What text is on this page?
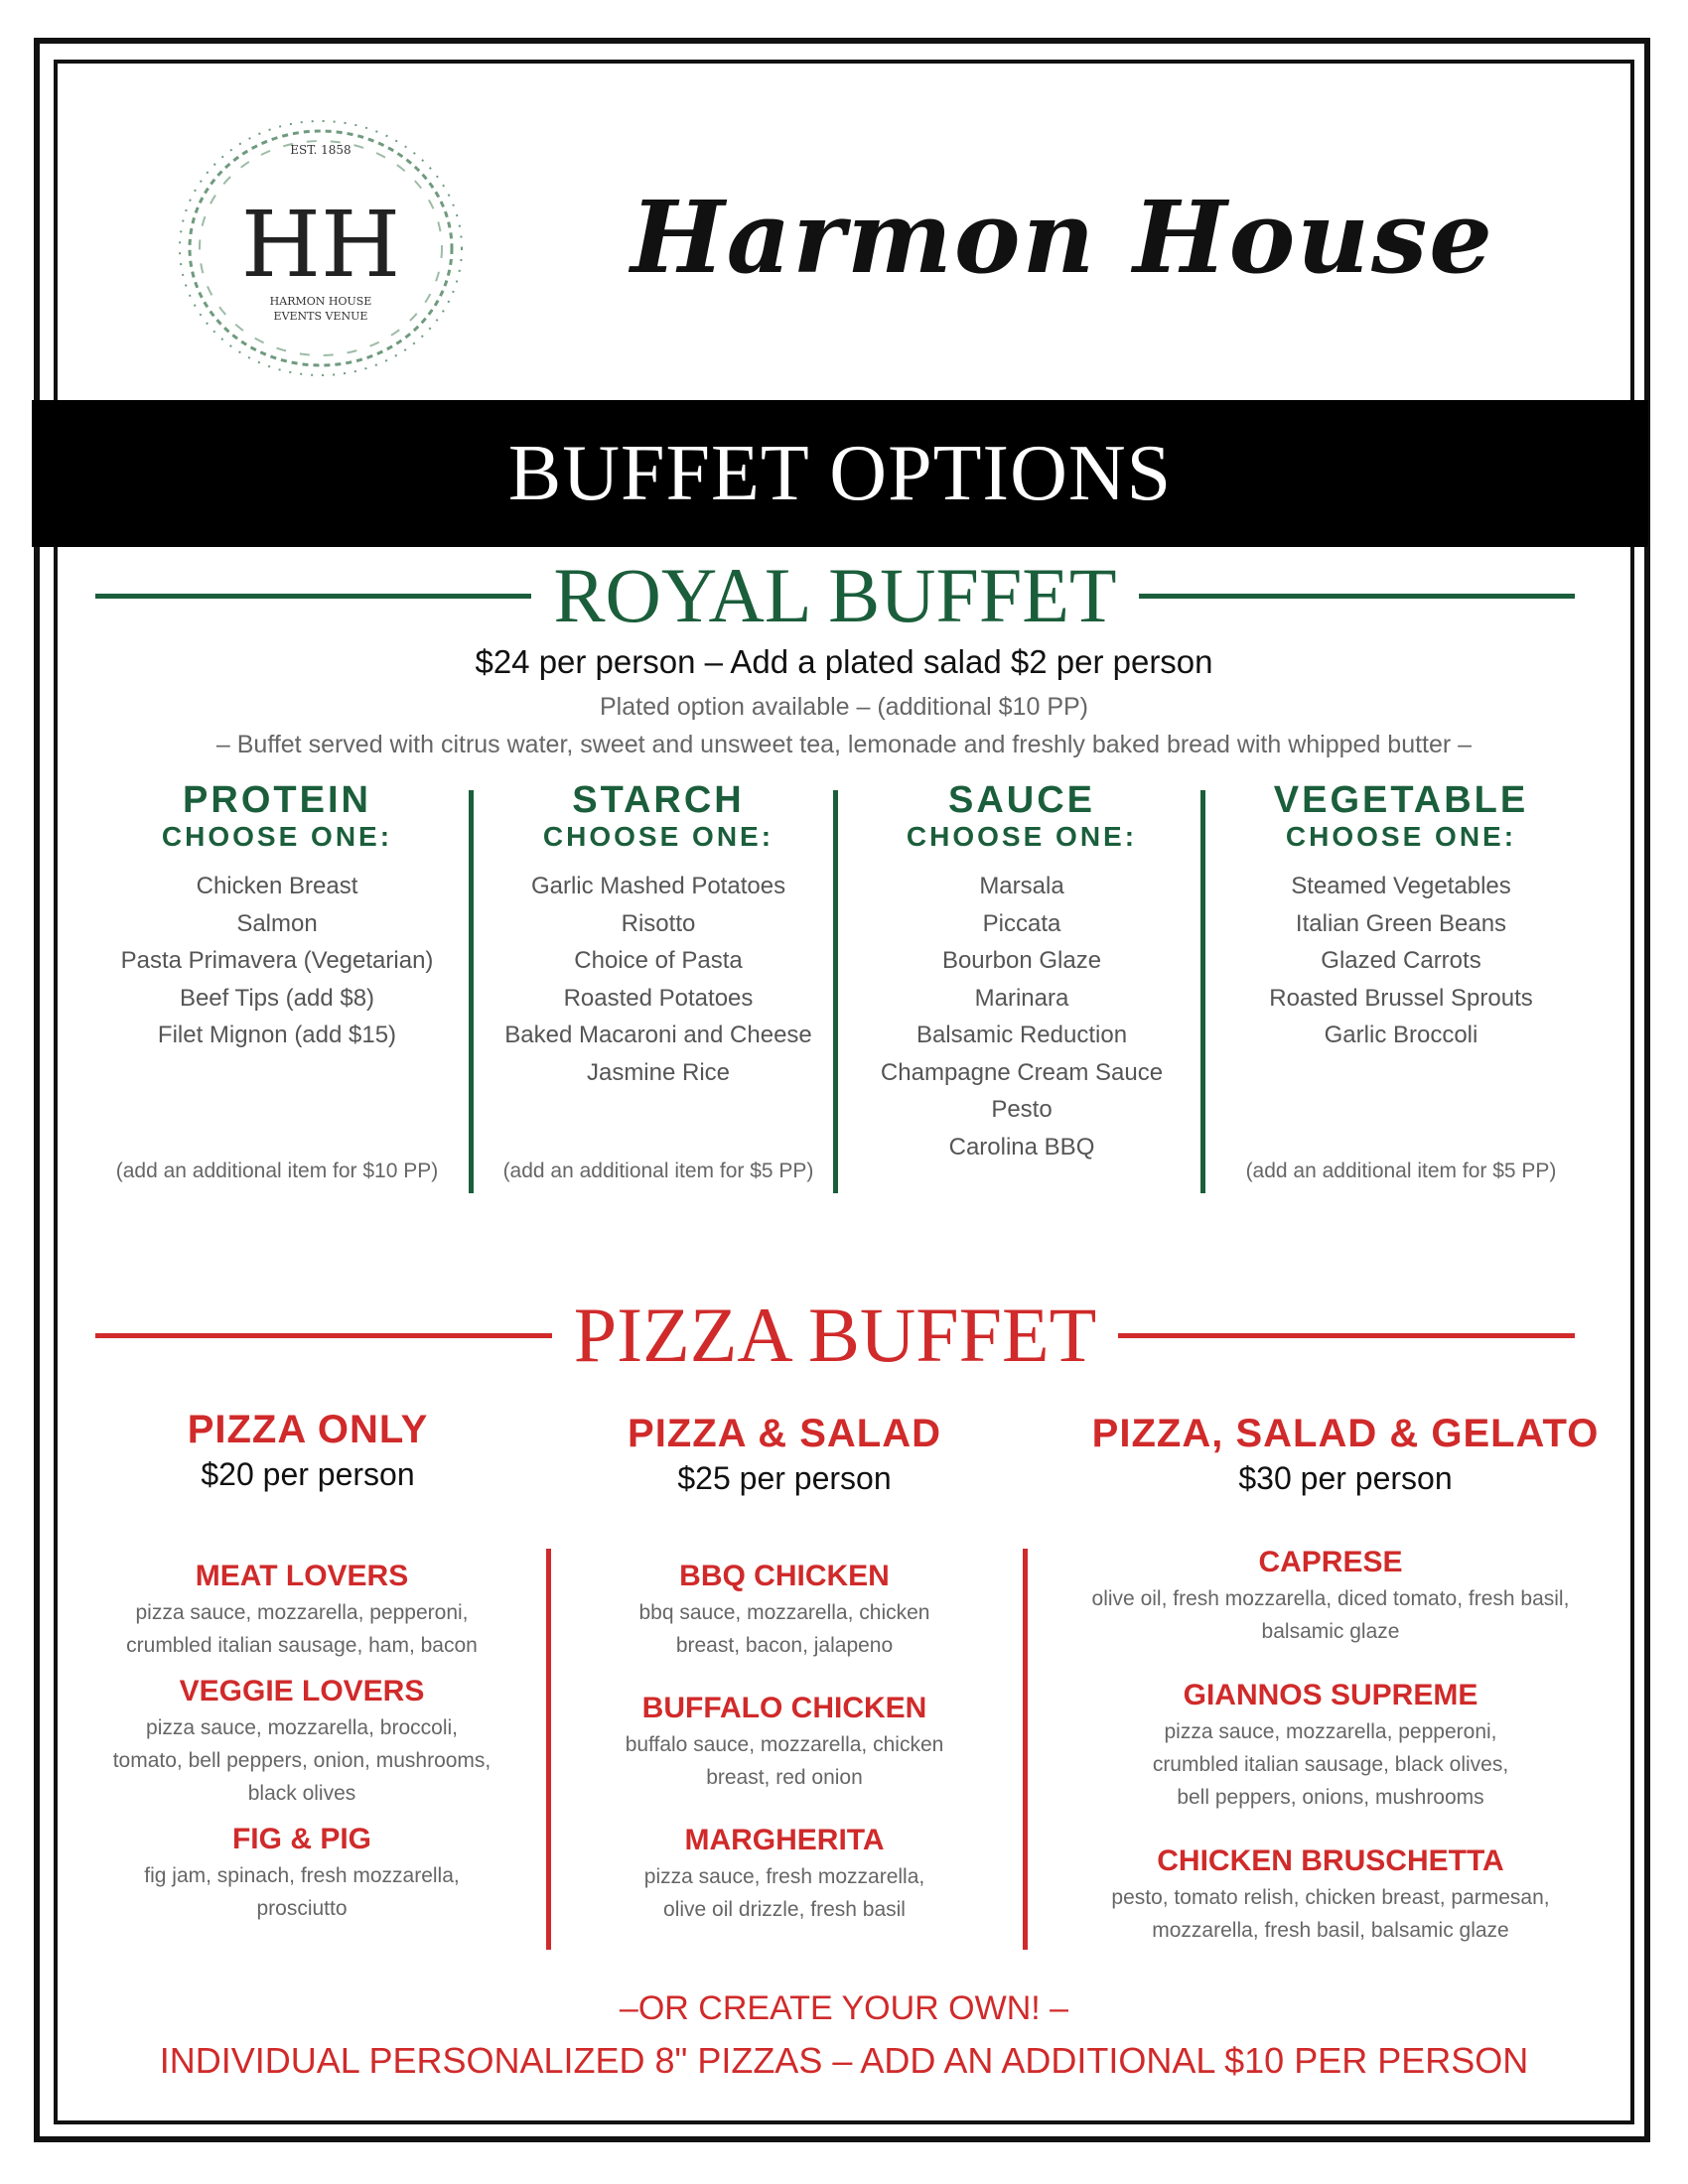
EST. 1858
HH
HARMON HOUSE
EVENTS VENUE
Harmon House
BUFFET OPTIONS
ROYAL BUFFET
$24 per person – Add a plated salad $2 per person
Plated option available – (additional $10 PP)
– Buffet served with citrus water, sweet and unsweet tea, lemonade and freshly baked bread with whipped butter –
PROTEIN
CHOOSE ONE:
Chicken Breast
Salmon
Pasta Primavera (Vegetarian)
Beef Tips (add $8)
Filet Mignon (add $15)
(add an additional item for $10 PP)
STARCH
CHOOSE ONE:
Garlic Mashed Potatoes
Risotto
Choice of Pasta
Roasted Potatoes
Baked Macaroni and Cheese
Jasmine Rice
(add an additional item for $5 PP)
SAUCE
CHOOSE ONE:
Marsala
Piccata
Bourbon Glaze
Marinara
Balsamic Reduction
Champagne Cream Sauce
Pesto
Carolina BBQ
VEGETABLE
CHOOSE ONE:
Steamed Vegetables
Italian Green Beans
Glazed Carrots
Roasted Brussel Sprouts
Garlic Broccoli
(add an additional item for $5 PP)
PIZZA BUFFET
PIZZA ONLY
$20 per person
PIZZA & SALAD
$25 per person
PIZZA, SALAD & GELATO
$30 per person
MEAT LOVERS
pizza sauce, mozzarella, pepperoni,
crumbled italian sausage, ham, bacon
VEGGIE LOVERS
pizza sauce, mozzarella, broccoli,
tomato, bell peppers, onion, mushrooms,
black olives
FIG & PIG
fig jam, spinach, fresh mozzarella,
prosciutto
BBQ CHICKEN
bbq sauce, mozzarella, chicken
breast, bacon, jalapeno
BUFFALO CHICKEN
buffalo sauce, mozzarella, chicken
breast, red onion
MARGHERITA
pizza sauce, fresh mozzarella,
olive oil drizzle, fresh basil
CAPRESE
olive oil, fresh mozzarella, diced tomato, fresh basil,
balsamic glaze
GIANNOS SUPREME
pizza sauce, mozzarella, pepperoni,
crumbled italian sausage, black olives,
bell peppers, onions, mushrooms
CHICKEN BRUSCHETTA
pesto, tomato relish, chicken breast, parmesan,
mozzarella, fresh basil, balsamic glaze
–OR CREATE YOUR OWN! –
INDIVIDUAL PERSONALIZED 8" PIZZAS – ADD AN ADDITIONAL $10 PER PERSON
